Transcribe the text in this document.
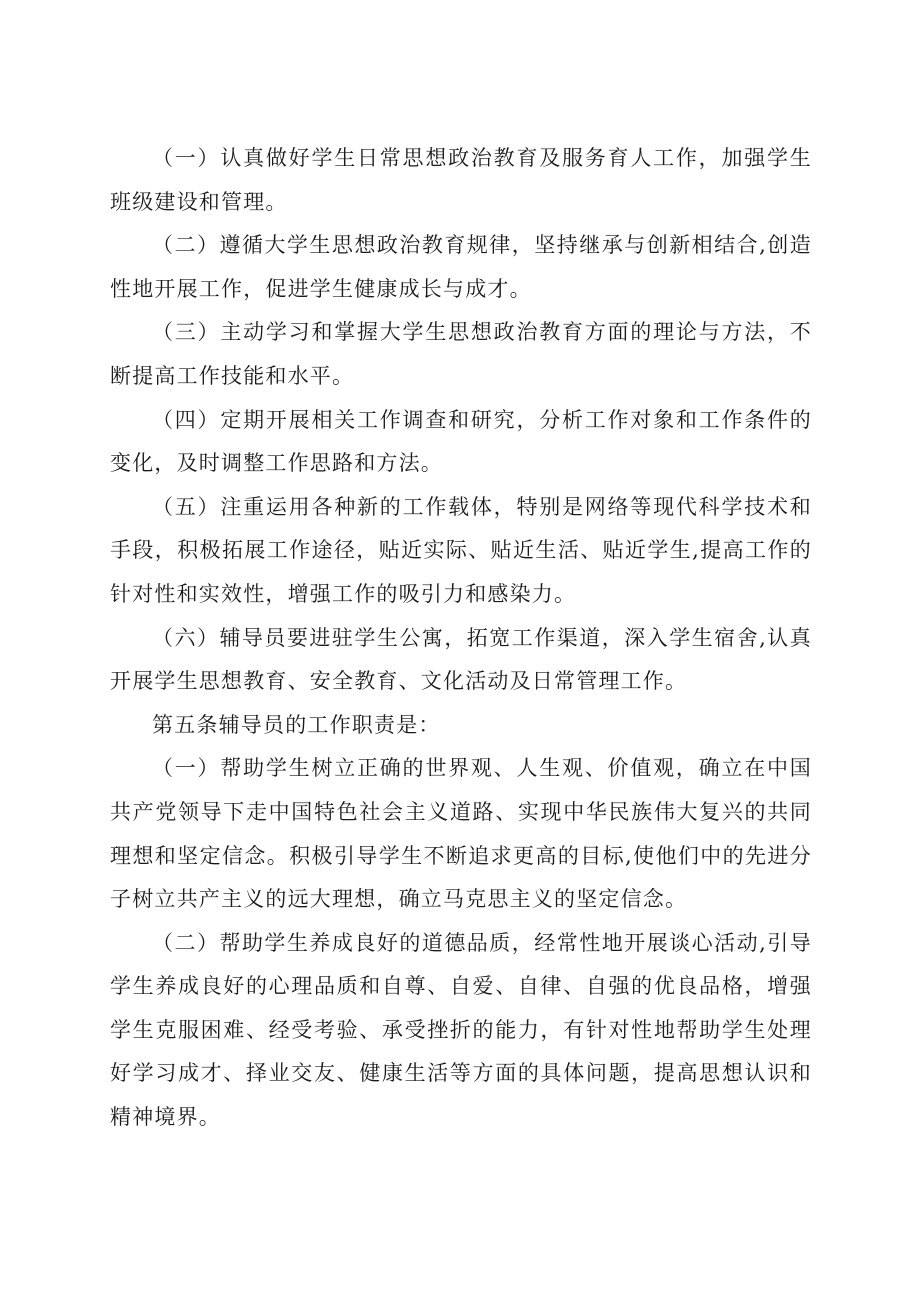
（一）认真做好学生日常思想政治教育及服务育人工作，加强学生班级建设和管理。

（二）遵循大学生思想政治教育规律，坚持继承与创新相结合,创造性地开展工作，促进学生健康成长与成才。

（三）主动学习和掌握大学生思想政治教育方面的理论与方法，不断提高工作技能和水平。

（四）定期开展相关工作调查和研究，分析工作对象和工作条件的变化，及时调整工作思路和方法。

（五）注重运用各种新的工作载体，特别是网络等现代科学技术和手段，积极拓展工作途径，贴近实际、贴近生活、贴近学生,提高工作的针对性和实效性，增强工作的吸引力和感染力。

（六）辅导员要进驻学生公寓，拓宽工作渠道，深入学生宿舍,认真开展学生思想教育、安全教育、文化活动及日常管理工作。

第五条辅导员的工作职责是：

（一）帮助学生树立正确的世界观、人生观、价值观，确立在中国共产党领导下走中国特色社会主义道路、实现中华民族伟大复兴的共同理想和坚定信念。积极引导学生不断追求更高的目标,使他们中的先进分子树立共产主义的远大理想，确立马克思主义的坚定信念。

（二）帮助学生养成良好的道德品质，经常性地开展谈心活动,引导学生养成良好的心理品质和自尊、自爱、自律、自强的优良品格，增强学生克服困难、经受考验、承受挫折的能力，有针对性地帮助学生处理好学习成才、择业交友、健康生活等方面的具体问题，提高思想认识和精神境界。
